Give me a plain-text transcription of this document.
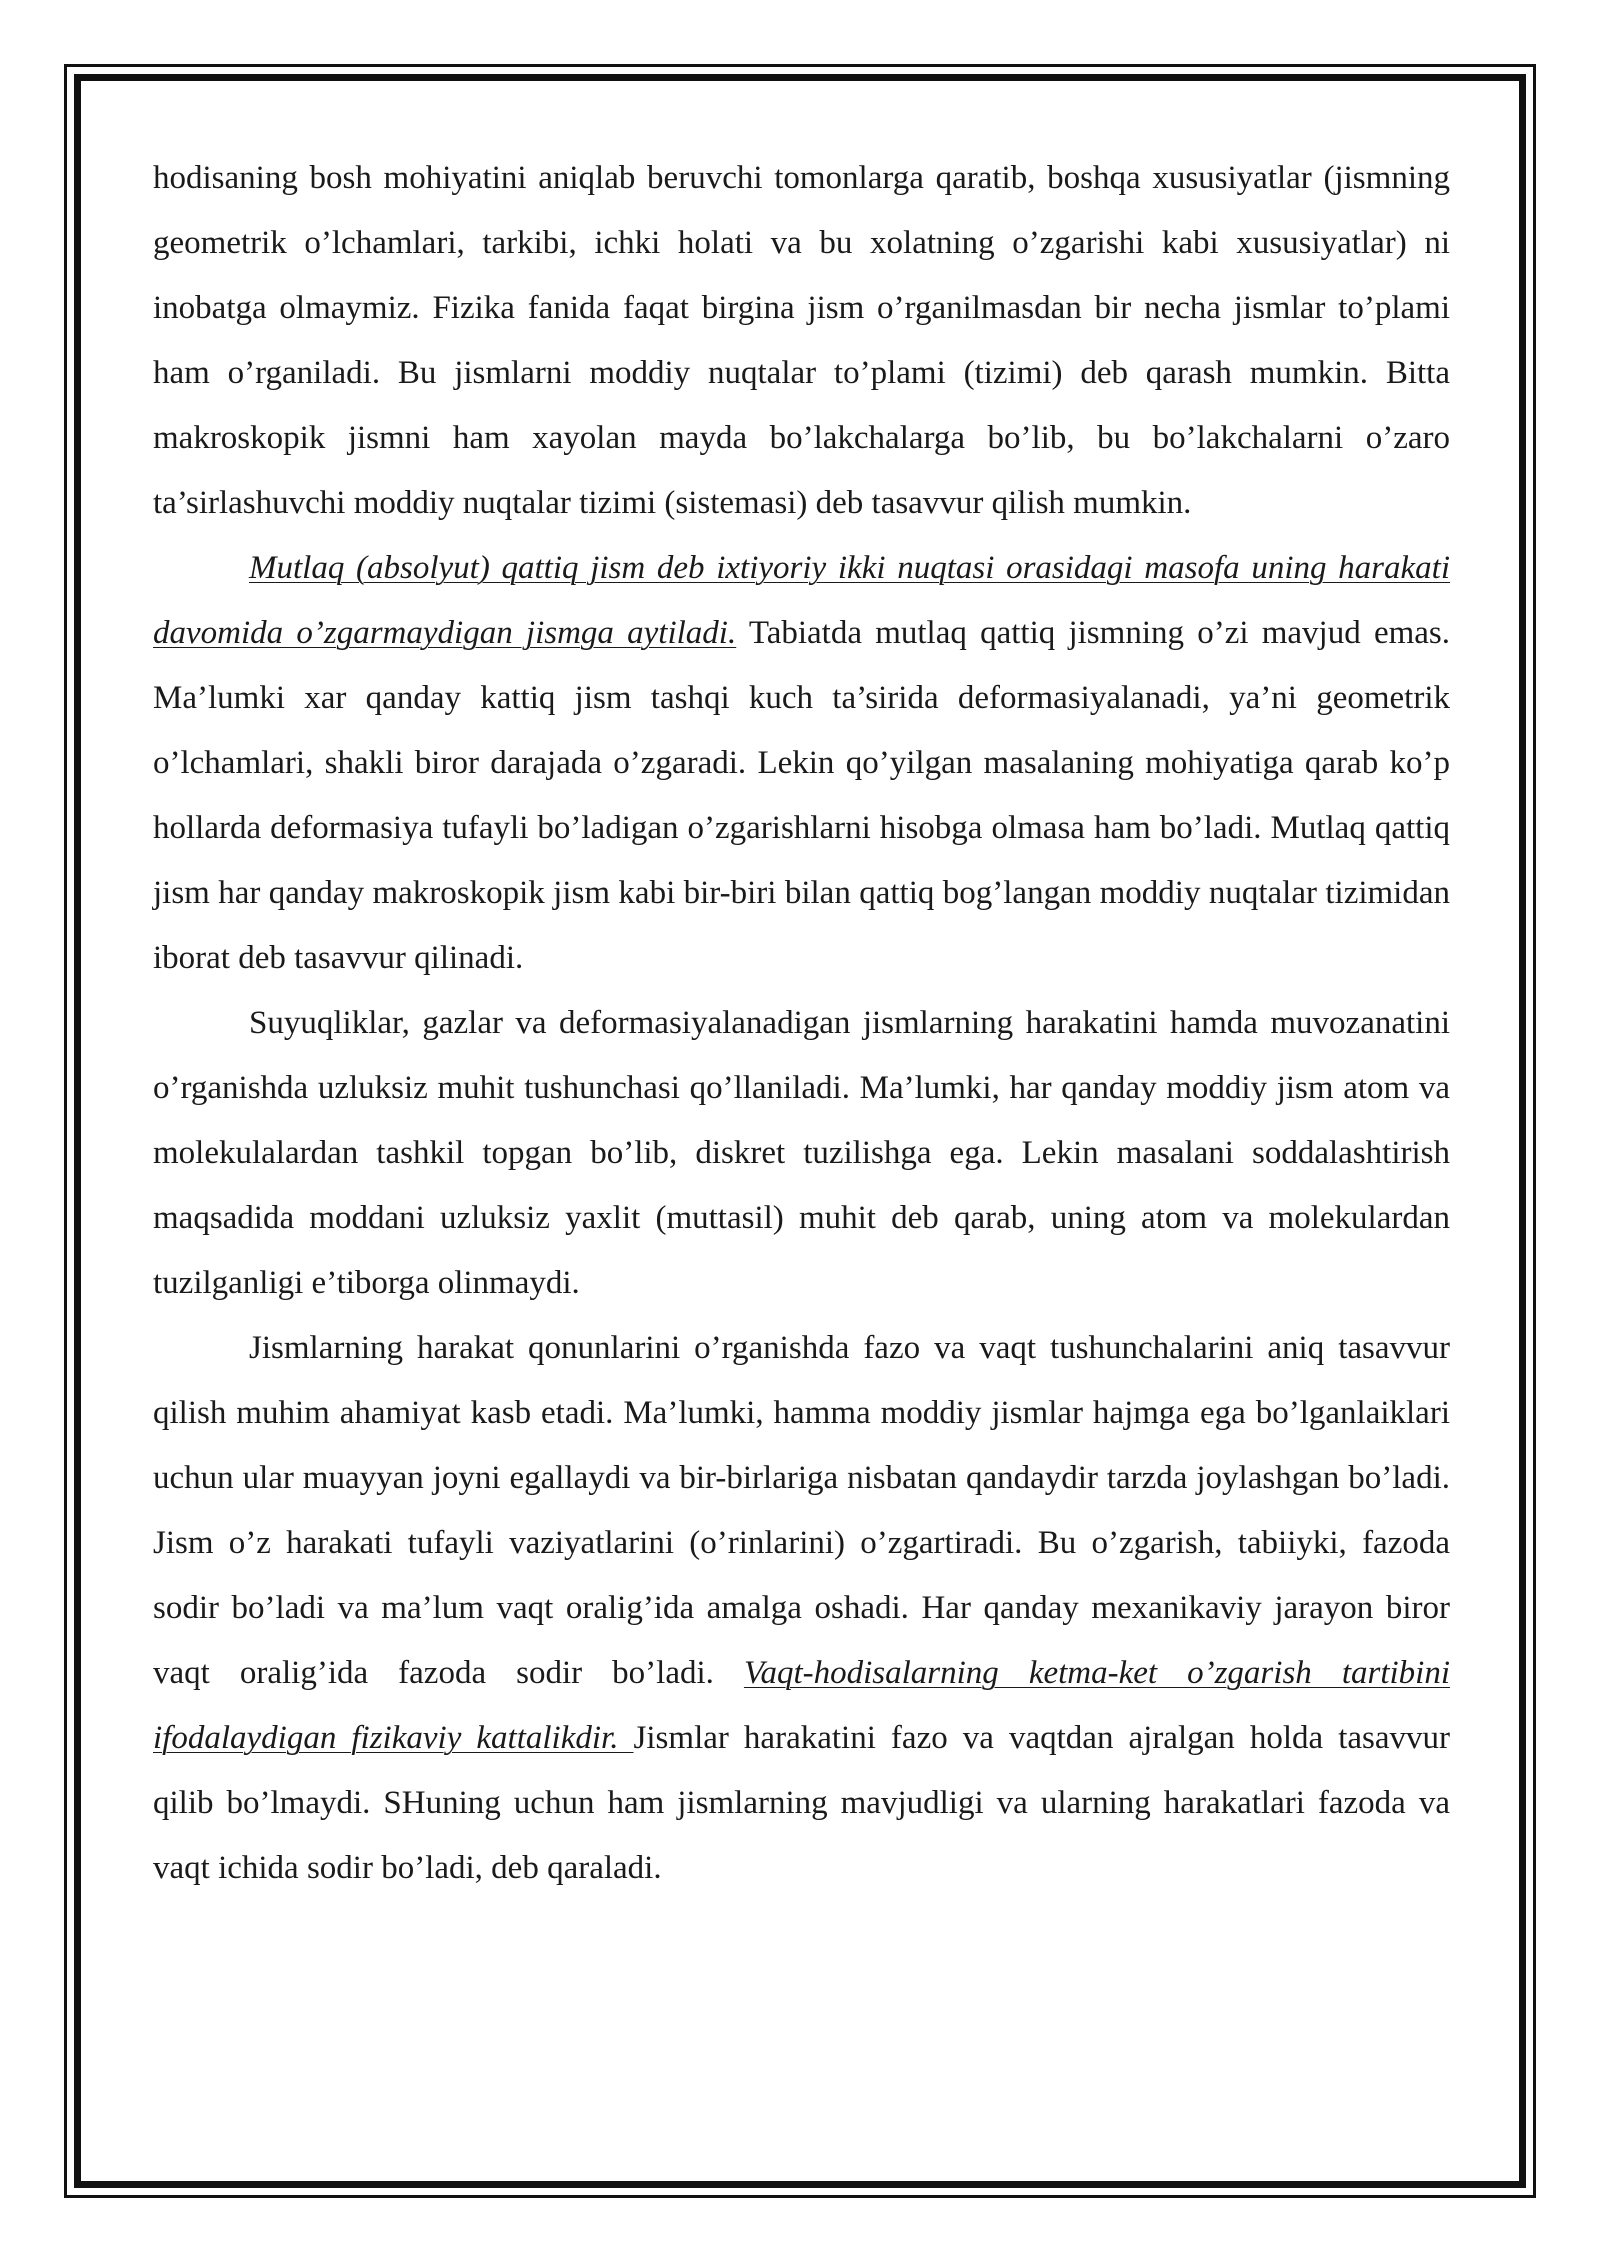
hodisaning bosh mohiyatini aniqlab beruvchi tomonlarga qaratib, boshqa xususiyatlar (jismning geometrik o’lchamlari, tarkibi, ichki holati va bu xolatning o’zgarishi kabi xususiyatlar) ni inobatga olmaymiz. Fizika fanida faqat birgina jism o’rganilmasdan bir necha jismlar to’plami ham o’rganiladi. Bu jismlarni moddiy nuqtalar to’plami (tizimi) deb qarash mumkin. Bitta makroskopik jismni ham xayolan mayda bo’lakchalarga bo’lib, bu bo’lakchalarni o’zaro ta’sirlashuvchi moddiy nuqtalar tizimi (sistemasi) deb tasavvur qilish mumkin.

Mutlaq (absolyut) qattiq jism deb ixtiyoriy ikki nuqtasi orasidagi masofa uning harakati davomida o’zgarmaydigan jismga aytiladi. Tabiatda mutlaq qattiq jismning o’zi mavjud emas. Ma’lumki xar qanday kattiq jism tashqi kuch ta’sirida deformasiyalanadi, ya’ni geometrik o’lchamlari, shakli biror darajada o’zgaradi. Lekin qo’yilgan masalaning mohiyatiga qarab ko’p hollarda deformasiya tufayli bo’ladigan o’zgarishlarni hisobga olmasa ham bo’ladi. Mutlaq qattiq jism har qanday makroskopik jism kabi bir-biri bilan qattiq bog’langan moddiy nuqtalar tizimidan iborat deb tasavvur qilinadi.

Suyuqliklar, gazlar va deformasiyalanadigan jismlarning harakatini hamda muvozanatini o’rganishda uzluksiz muhit tushunchasi qo’llaniladi. Ma’lumki, har qanday moddiy jism atom va molekulalardan tashkil topgan bo’lib, diskret tuzilishga ega. Lekin masalani soddalashtirish maqsadida moddani uzluksiz yaxlit (muttasil) muhit deb qarab, uning atom va molekulardan tuzilganligi e’tiborga olinmaydi.

Jismlarning harakat qonunlarini o’rganishda fazo va vaqt tushunchalarini aniq tasavvur qilish muhim ahamiyat kasb etadi. Ma’lumki, hamma moddiy jismlar hajmga ega bo’lganlaiklari uchun ular muayyan joyni egallaydi va bir-birlariga nisbatan qandaydir tarzda joylashgan bo’ladi. Jism o’z harakati tufayli vaziyatlarini (o’rinlarini) o’zgartiradi. Bu o’zgarish, tabiiyki, fazoda sodir bo’ladi va ma’lum vaqt oralig’ida amalga oshadi. Har qanday mexanikaviy jarayon biror vaqt oralig’ida fazoda sodir bo’ladi. Vaqt-hodisalarning ketma-ket o’zgarish tartibini ifodalaydigan fizikaviy kattalikdir. Jismlar harakatini fazo va vaqtdan ajralgan holda tasavvur qilib bo’lmaydi. SHuning uchun ham jismlarning mavjudligi va ularning harakatlari fazoda va vaqt ichida sodir bo’ladi, deb qaraladi.
